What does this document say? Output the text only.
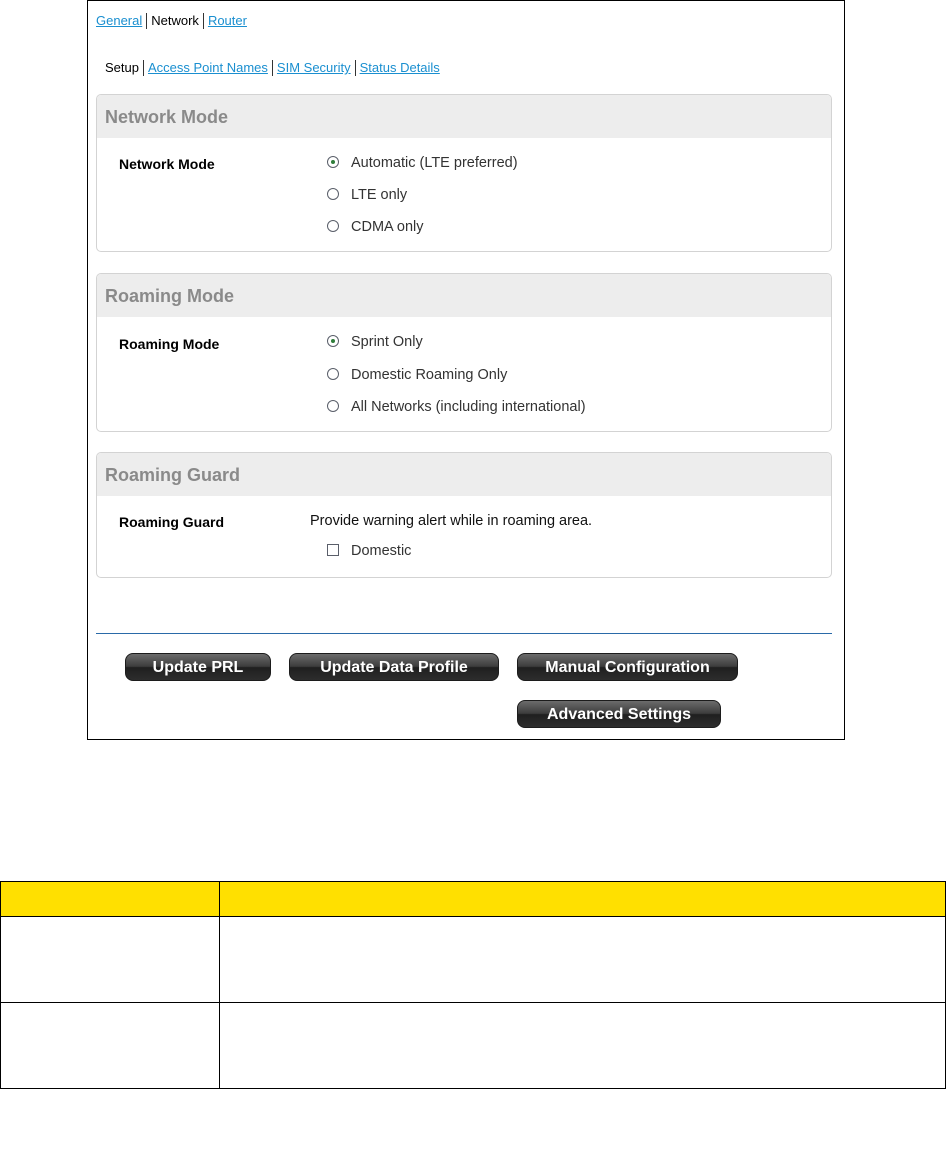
General Network Router
Setup Access Point Names SIM Security Status Details
Network Mode
Network Mode	Automatic (LTE preferred)
LTE only
CDMA only
Roaming Mode
Roaming Mode	Sprint Only
Domestic Roaming Only
All Networks (including international)
Roaming Guard
Roaming Guard	Provide warning alert while in roaming area.
Domestic
Update PRL	Update Data Profile	Manual Configuration
Advanced Settings
